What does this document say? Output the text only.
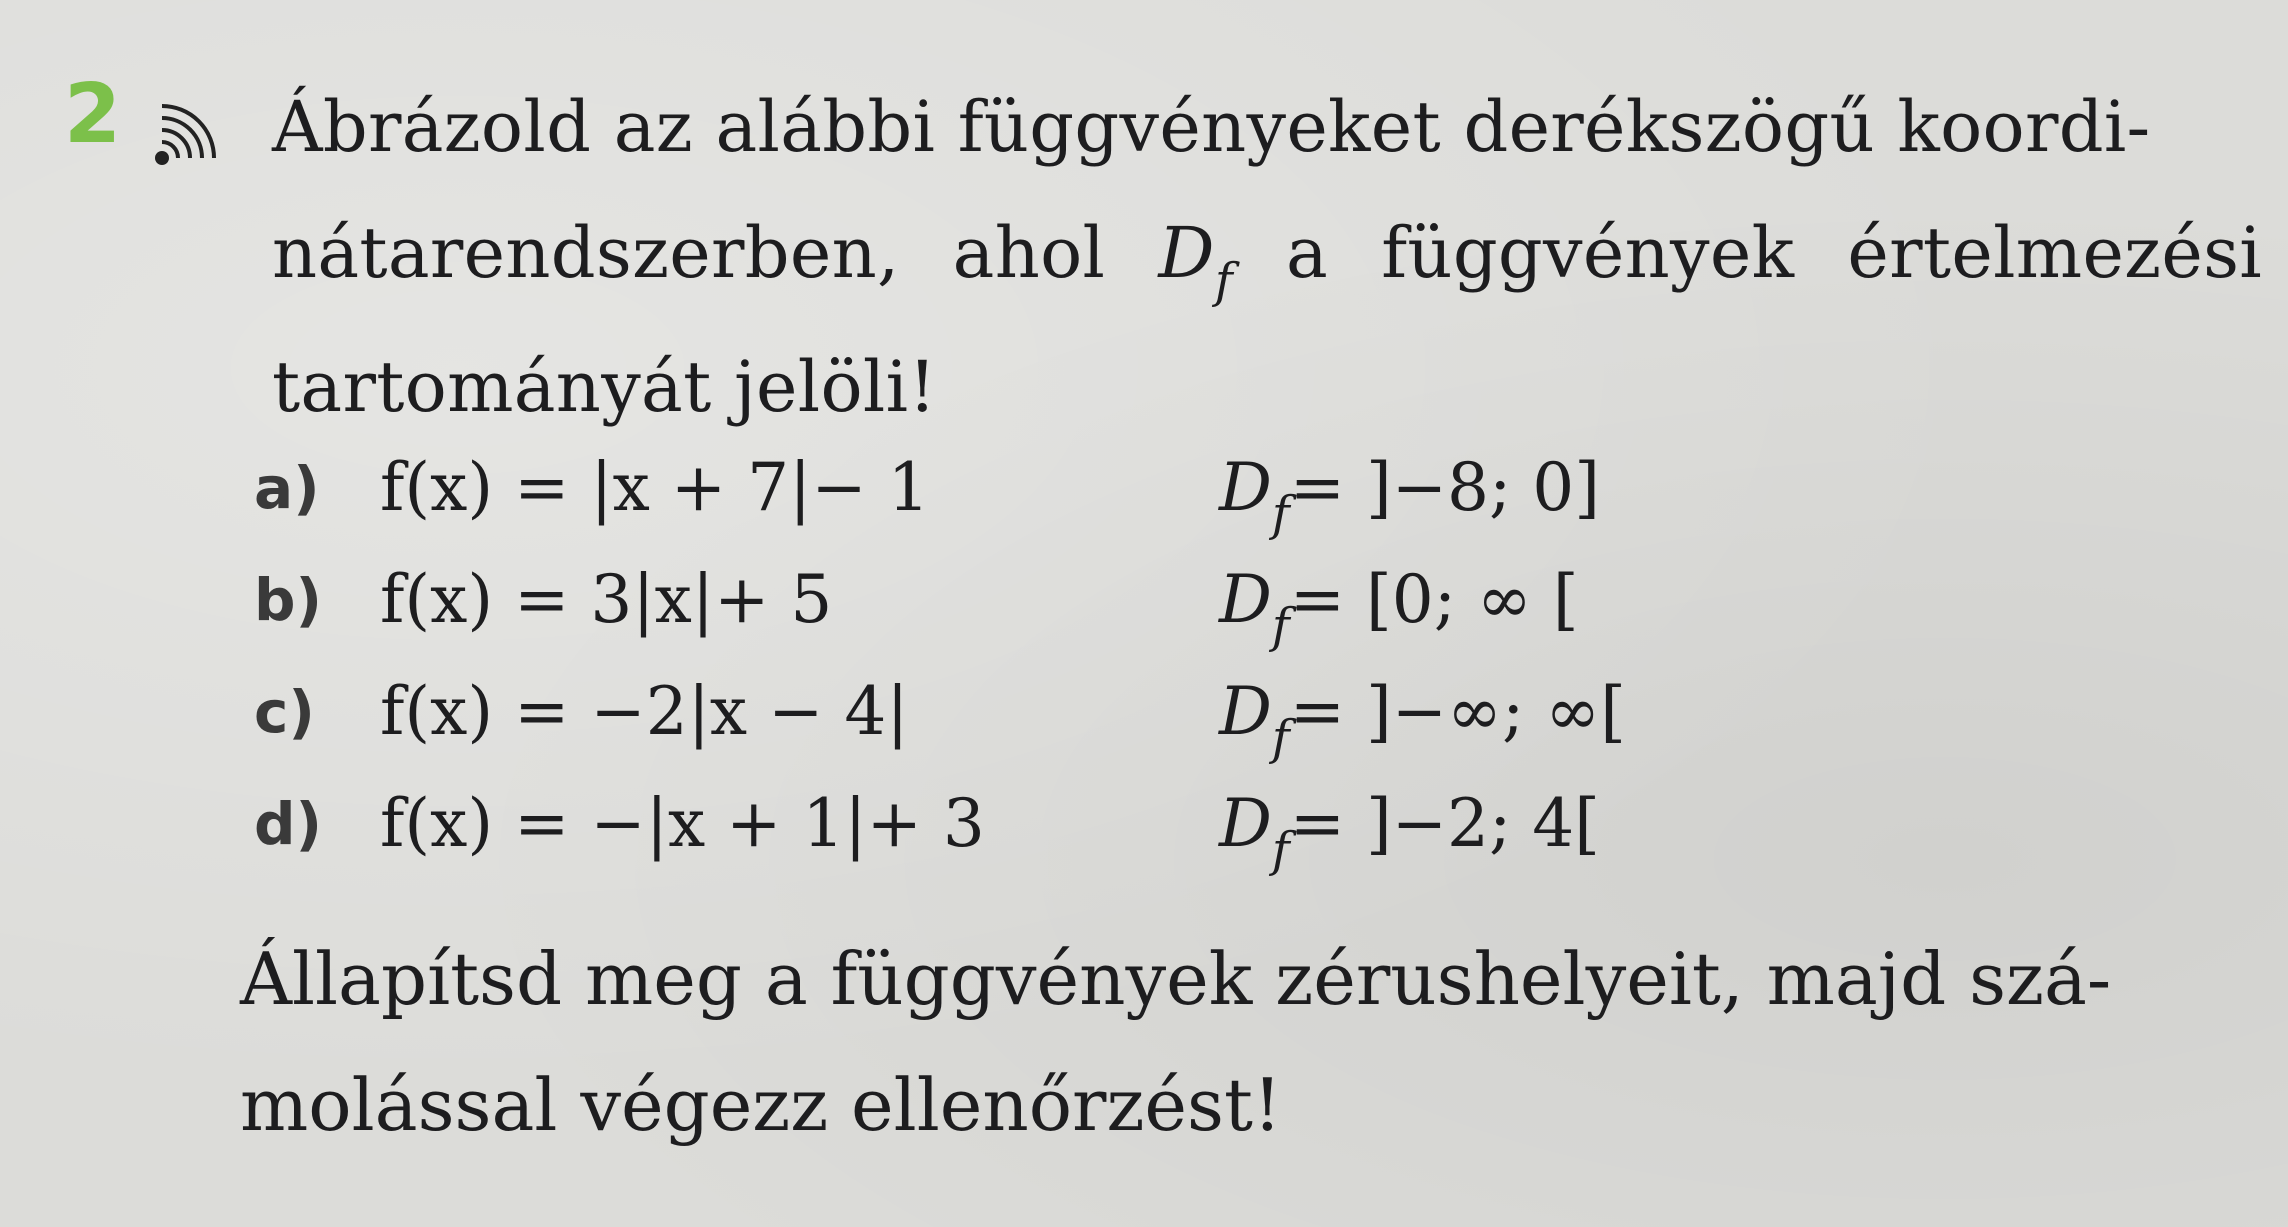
2 Ábrázold az alábbi függvényeket derékszögű koordi-
nátarendszerben, ahol $D_f$ a függvények értelmezési
tartományát jelöli!

a) f(x) = |x + 7|− 1	$D_f= ]-8$; 0]
b) f(x) = 3|x|+ 5	$D_f= [0$; ∞ [
c) f(x) = −2|x − 4|	$D_f=$ ]−∞; ∞[
d) f(x) = −|x + 1|+ 3	$D_f= ]-2$; 4[

Állapítsd meg a függvények zérushelyeit, majd szá-
molással végezz ellenőrzést!
